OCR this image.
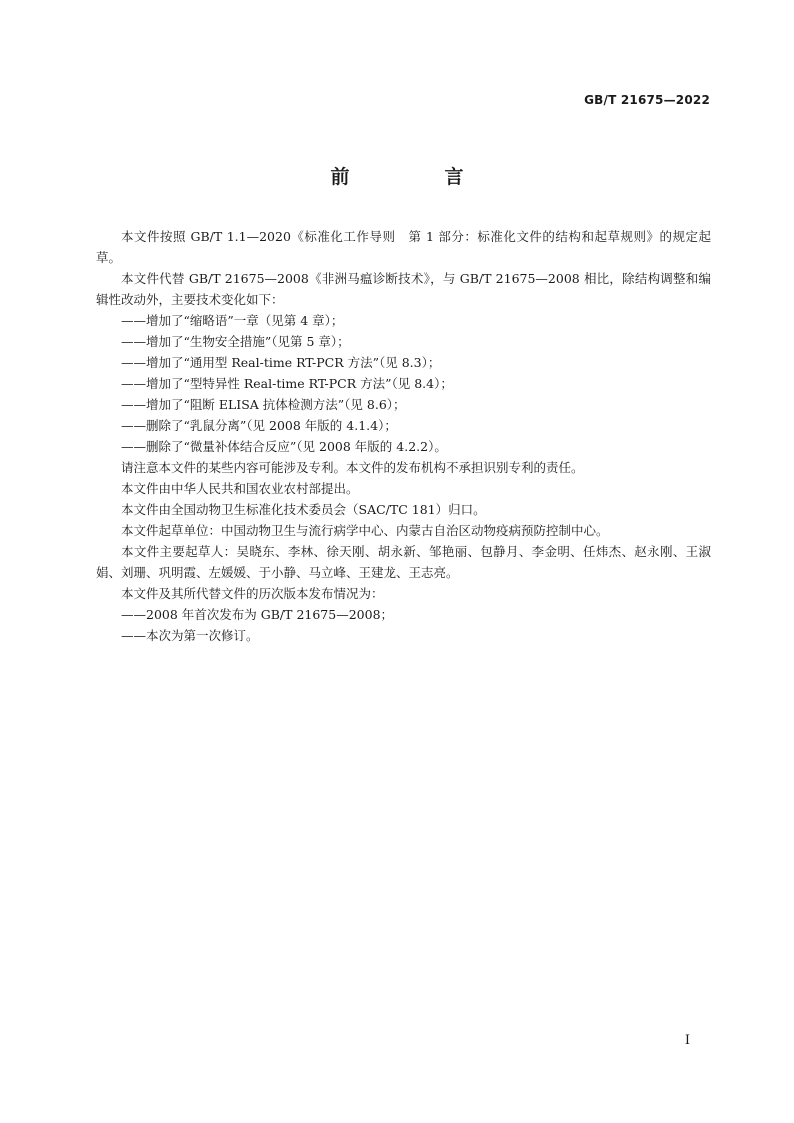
GB/T 21675—2022
前　言

本文件按照 GB/T 1.1—2020《标准化工作导则　第 1 部分：标准化文件的结构和起草规则》的规定起草。

本文件代替 GB/T 21675—2008《非洲马瘟诊断技术》，与 GB/T 21675—2008 相比，除结构调整和编辑性改动外，主要技术变化如下：

——增加了“缩略语”一章（见第 4 章）；

——增加了“生物安全措施”（见第 5 章）；

——增加了“通用型 Real-time RT-PCR 方法”（见 8.3）；

——增加了“型特异性 Real-time RT-PCR 方法”（见 8.4）；

——增加了“阻断 ELISA 抗体检测方法”（见 8.6）；

——删除了“乳鼠分离”（见 2008 年版的 4.1.4）；

——删除了“微量补体结合反应”（见 2008 年版的 4.2.2）。

请注意本文件的某些内容可能涉及专利。本文件的发布机构不承担识别专利的责任。

本文件由中华人民共和国农业农村部提出。

本文件由全国动物卫生标准化技术委员会（SAC/TC 181）归口。

本文件起草单位：中国动物卫生与流行病学中心、内蒙古自治区动物疫病预防控制中心。

本文件主要起草人：吴晓东、李林、徐天刚、胡永新、邹艳丽、包静月、李金明、任炜杰、赵永刚、王淑娟、刘珊、巩明霞、左媛媛、于小静、马立峰、王建龙、王志亮。

本文件及其所代替文件的历次版本发布情况为：

——2008 年首次发布为 GB/T 21675—2008；

——本次为第一次修订。

I
